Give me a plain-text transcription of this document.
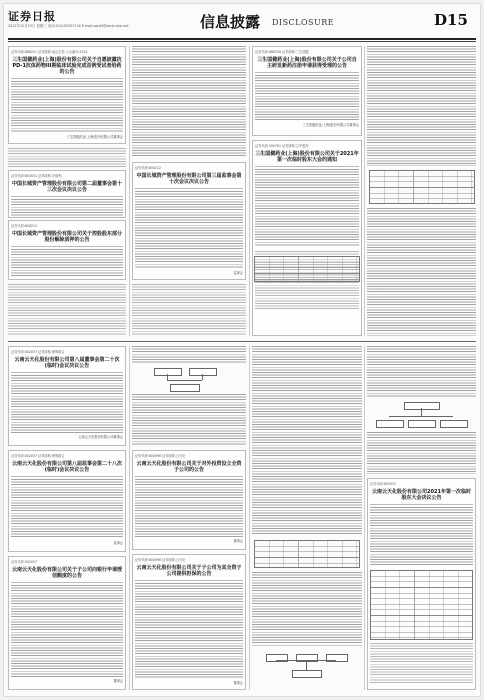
证券日报
2021年12月15日 星期三 电话:010-83251716 E-mail:zqrb9@zqrb.sina.net	信息披露 DISCLOSURE	D15
证券代码:688221 证券简称:前沿生物 公告编号:2021-
三生国健药业(上海)股份有限公司关于自愿披露抗PD-1抗体药物III期临床试验完成首例受试者给药的公告
三生国健药业(上海)股份有限公司董事会
证券代码:603031 证券简称:安德利
中国长城资产管理股份有限公司第二届董事会第十三次会议决议公告
证券代码:600212
中国长城资产管理股份有限公司关于控股股东部分股份解除质押的公告
证券代码:600212
中国长城资产管理股份有限公司第三届监事会第十次会议决议公告
监事会
证券代码:688336 证券简称:三生国健
三生国健药业(上海)股份有限公司关于公司自主研发新药注册申请获得受理的公告
三生国健药业(上海)股份有限公司董事会
证券代码:300761 证券简称:立华股份
三生国健药业(上海)股份有限公司关于2021年第一次临时股东大会的通知
证券代码:002037 证券简称:保利联合
云南云天化股份有限公司第八届董事会第二十次(临时)会议决议公告
云南云天化股份有限公司董事会
证券代码:002037 证券简称:保利联合
云南云天化股份有限公司第八届监事会第二十八次(临时)会议决议公告
监事会
证券代码:002037
云南云天化股份有限公司关于子公司向银行申请授信额度的公告
董事会
证券代码:600096 证券简称:云天化
云南云天化股份有限公司关于对外投资设立全资子公司的公告
董事会
证券代码:600096 证券简称:云天化
云南云天化股份有限公司关于子公司为其全资子公司提供担保的公告
董事会
证券代码:603031
云南云天化股份有限公司2021年第一次临时股东大会决议公告
